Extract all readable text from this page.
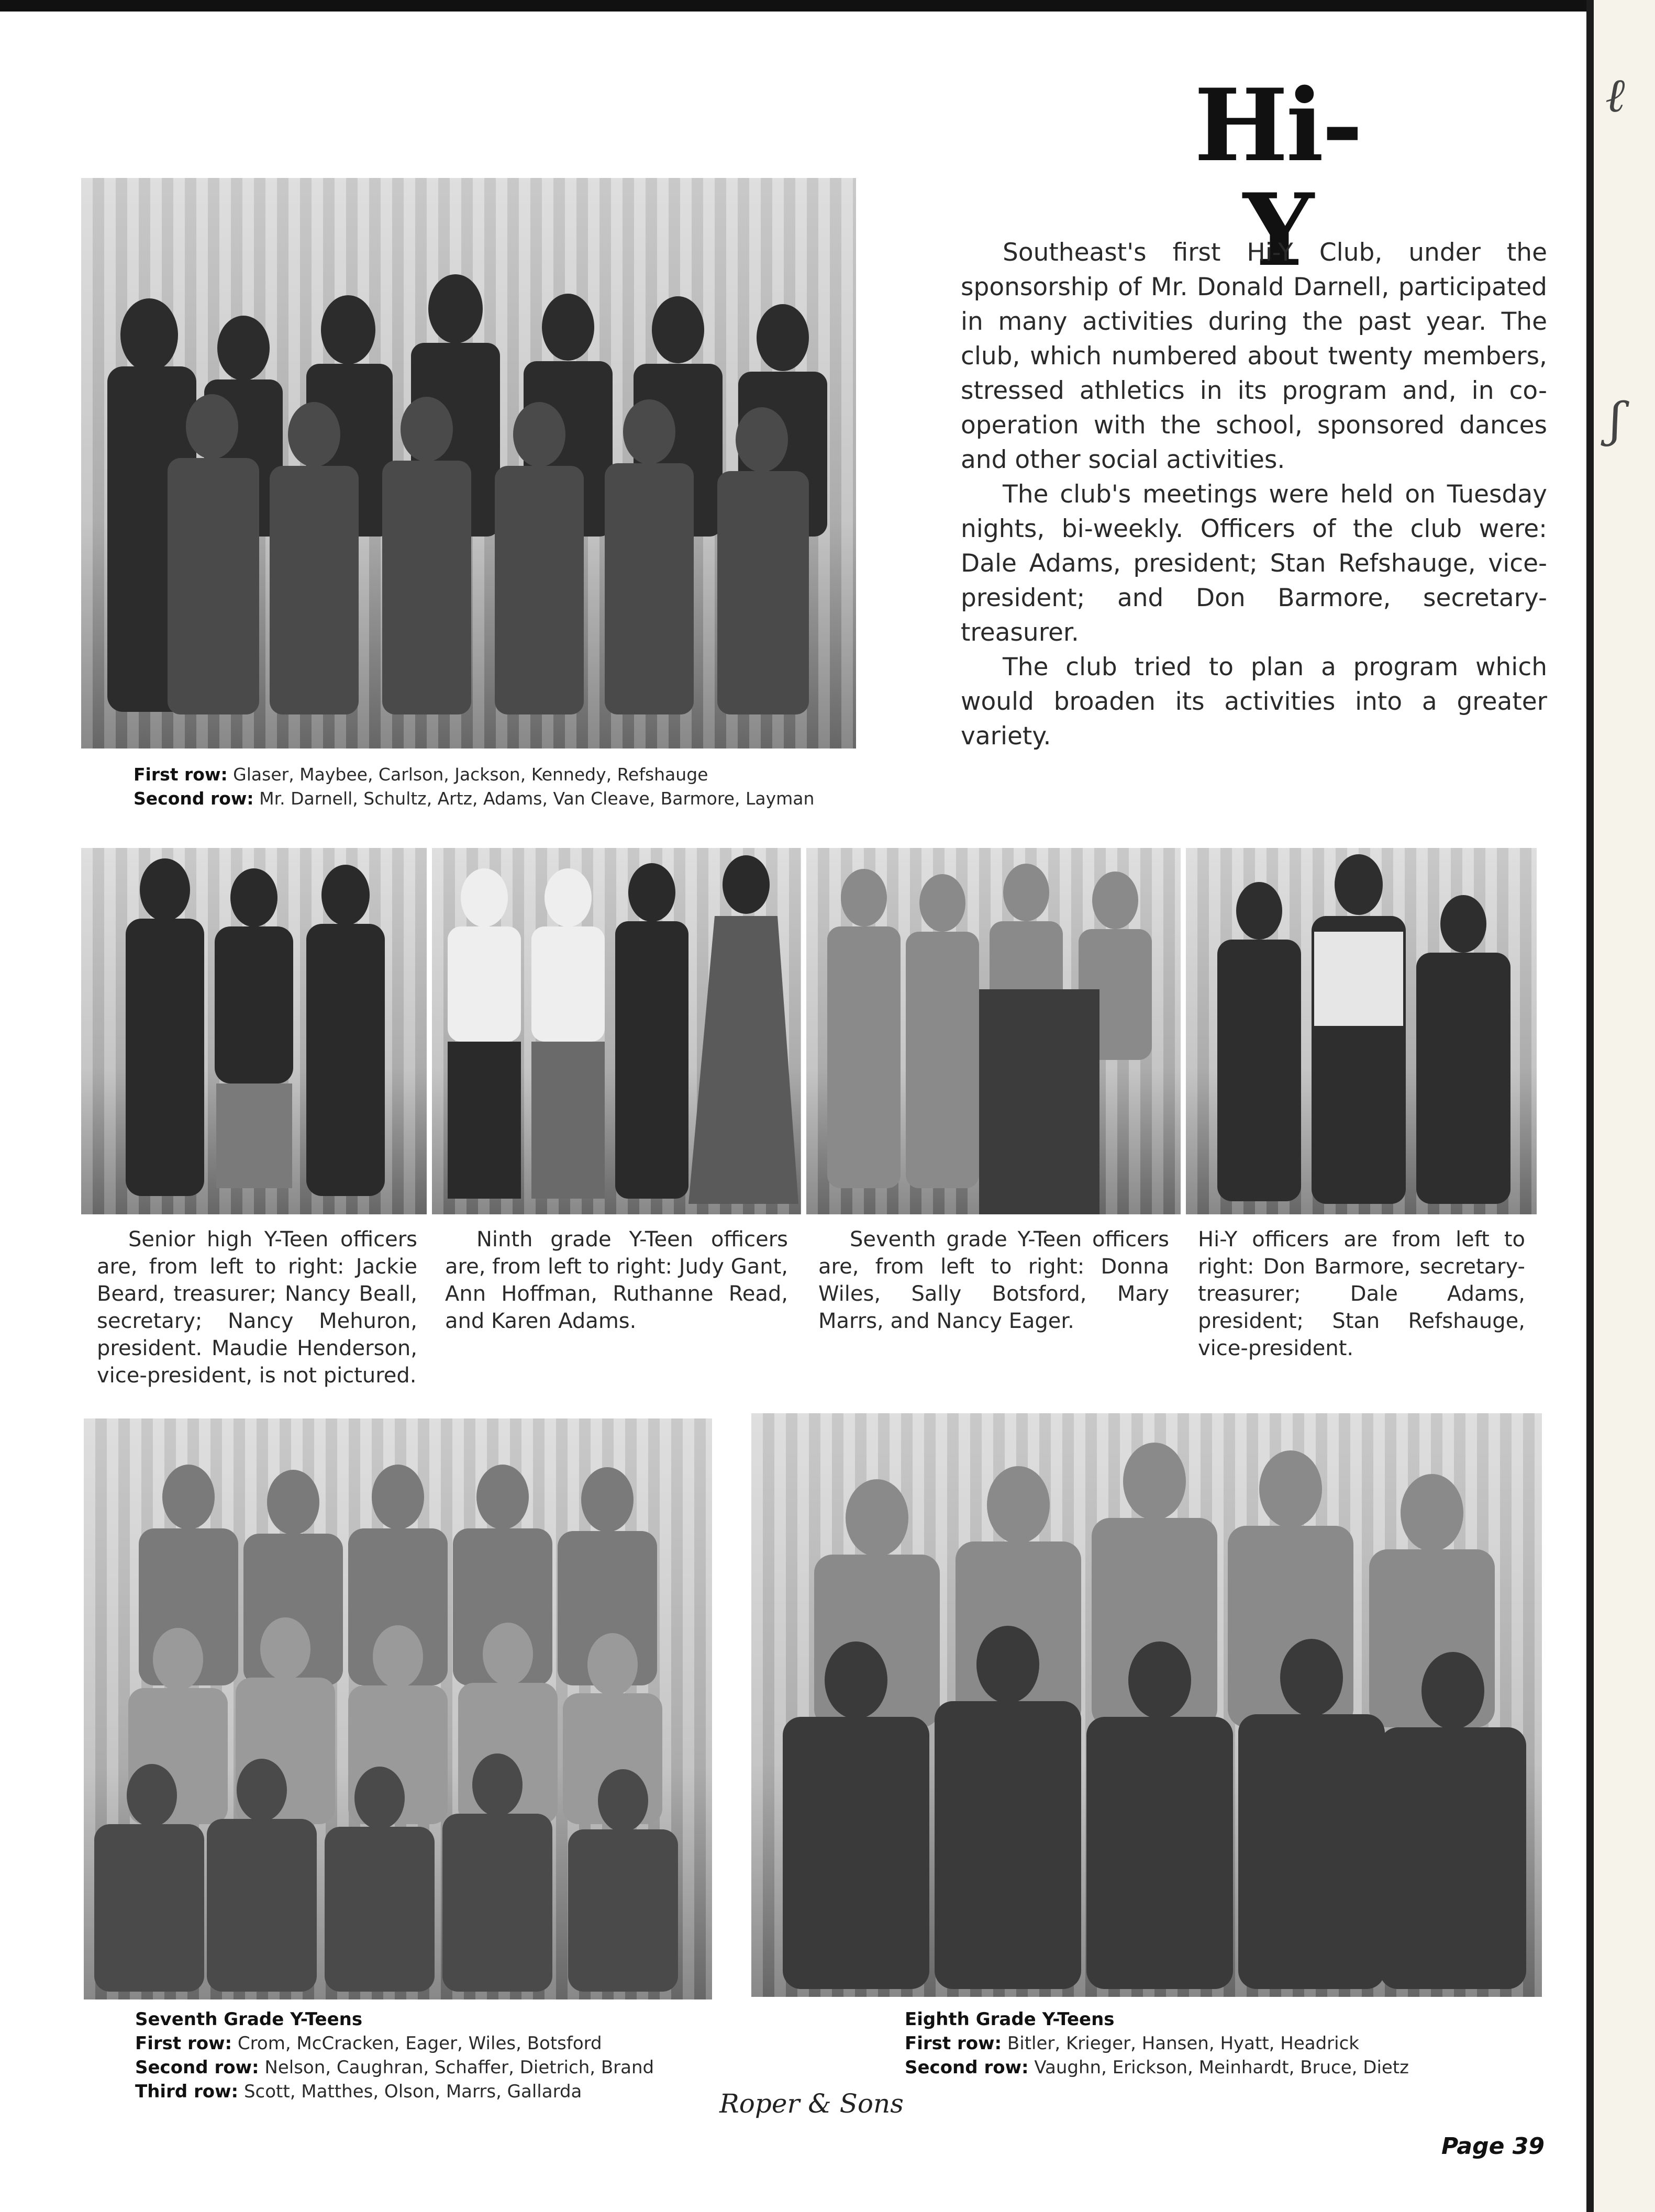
ℓ
ʃ
Hi-Y
First row: Glaser, Maybee, Carlson, Jackson, Kennedy, Refshauge
Second row: Mr. Darnell, Schultz, Artz, Adams, Van Cleave, Barmore, Layman

Southeast's first Hi-Y Club, under the sponsorship of Mr. Donald Darnell, participated in many activities during the past year. The club, which numbered about twenty members, stressed athletics in its program and, in co-operation with the school, sponsored dances and other social activities.

The club's meetings were held on Tuesday nights, bi-weekly. Officers of the club were: Dale Adams, president; Stan Refshauge, vice-president; and Don Barmore, secretary-treasurer.

The club tried to plan a program which would broaden its activities into a greater variety.

Senior high Y-Teen officers are, from left to right: Jackie Beard, treasurer; Nancy Beall, secretary; Nancy Mehuron, president. Maudie Henderson, vice-president, is not pictured.

Ninth grade Y-Teen officers are, from left to right: Judy Gant, Ann Hoffman, Ruthanne Read, and Karen Adams.

Seventh grade Y-Teen officers are, from left to right: Donna Wiles, Sally Botsford, Mary Marrs, and Nancy Eager.

Hi-Y officers are from left to right: Don Barmore, secretary-treasurer; Dale Adams, president; Stan Refshauge, vice-president.

Seventh Grade Y-Teens
First row: Crom, McCracken, Eager, Wiles, Botsford
Second row: Nelson, Caughran, Schaffer, Dietrich, Brand
Third row: Scott, Matthes, Olson, Marrs, Gallarda
Eighth Grade Y-Teens
First row: Bitler, Krieger, Hansen, Hyatt, Headrick
Second row: Vaughn, Erickson, Meinhardt, Bruce, Dietz
Roper & Sons
Page 39
